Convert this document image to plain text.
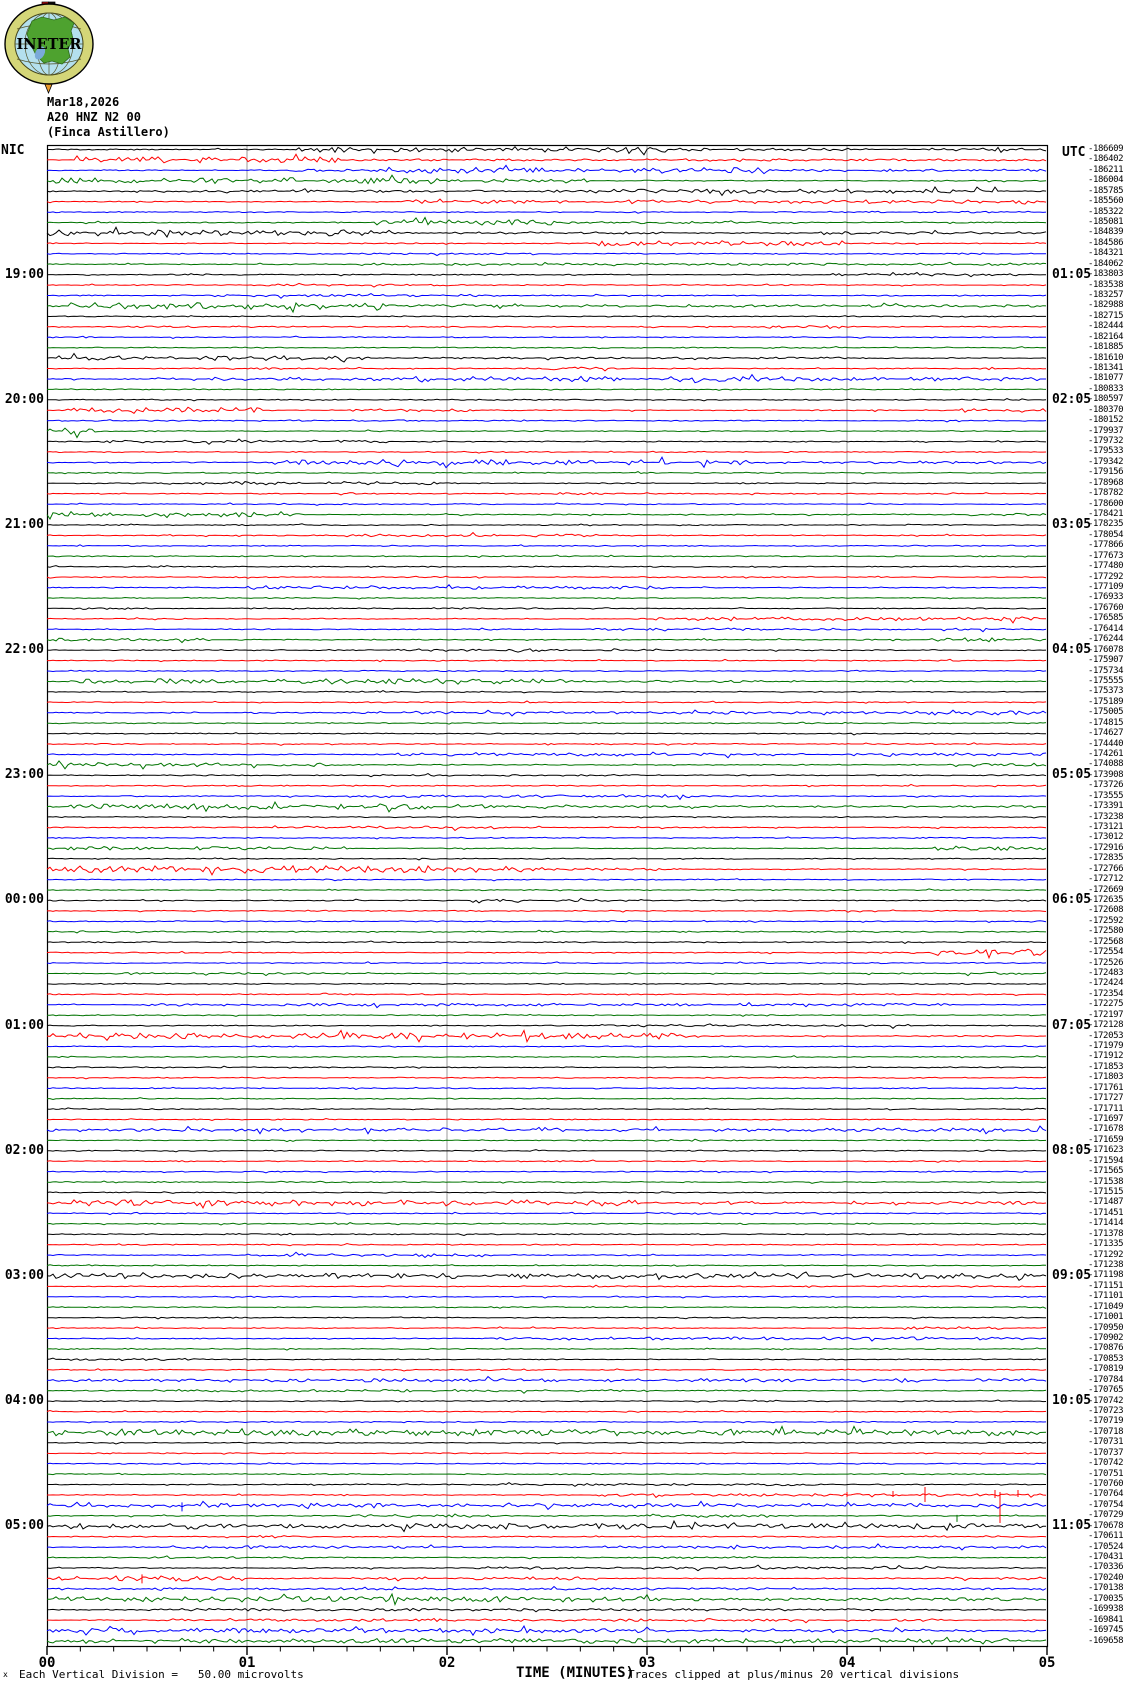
INETER
Mar18,2026
A20 HNZ N2 00
(Finca Astillero)
NIC	UTC
19:00	01:05
20:00	02:05
21:00	03:05
22:00	04:05
23:00	05:05
00:00	06:05
01:00	07:05
02:00	08:05
03:00	09:05
04:00	10:05
05:00	11:05
-186609
-186402
-186211
-186004
-185785
-185560
-185322
-185081
-184839
-184586
-184321
-184062
-183803
-183538
-183257
-182988
-182715
-182444
-182164
-181885
-181610
-181341
-181077
-180833
-180597
-180370
-180152
-179937
-179732
-179533
-179342
-179156
-178968
-178782
-178600
-178421
-178235
-178054
-177866
-177673
-177480
-177292
-177109
-176933
-176760
-176585
-176414
-176244
-176078
-175907
-175734
-175555
-175373
-175189
-175005
-174815
-174627
-174440
-174261
-174088
-173908
-173726
-173555
-173391
-173238
-173121
-173012
-172916
-172835
-172766
-172712
-172669
-172635
-172608
-172592
-172580
-172568
-172554
-172526
-172483
-172424
-172354
-172275
-172197
-172128
-172053
-171979
-171912
-171853
-171803
-171761
-171727
-171711
-171697
-171678
-171659
-171623
-171594
-171565
-171538
-171515
-171487
-171451
-171414
-171378
-171335
-171292
-171238
-171198
-171151
-171101
-171049
-171001
-170950
-170902
-170876
-170853
-170819
-170784
-170765
-170742
-170723
-170719
-170718
-170731
-170737
-170742
-170751
-170760
-170764
-170754
-170729
-170678
-170611
-170524
-170431
-170336
-170240
-170138
-170035
-169938
-169841
-169745
-169658
00	01	02	03	04	05
x Each Vertical Division = 50.00 microvolts	TIME (MINUTES)
Traces clipped at plus/minus 20 vertical divisions
